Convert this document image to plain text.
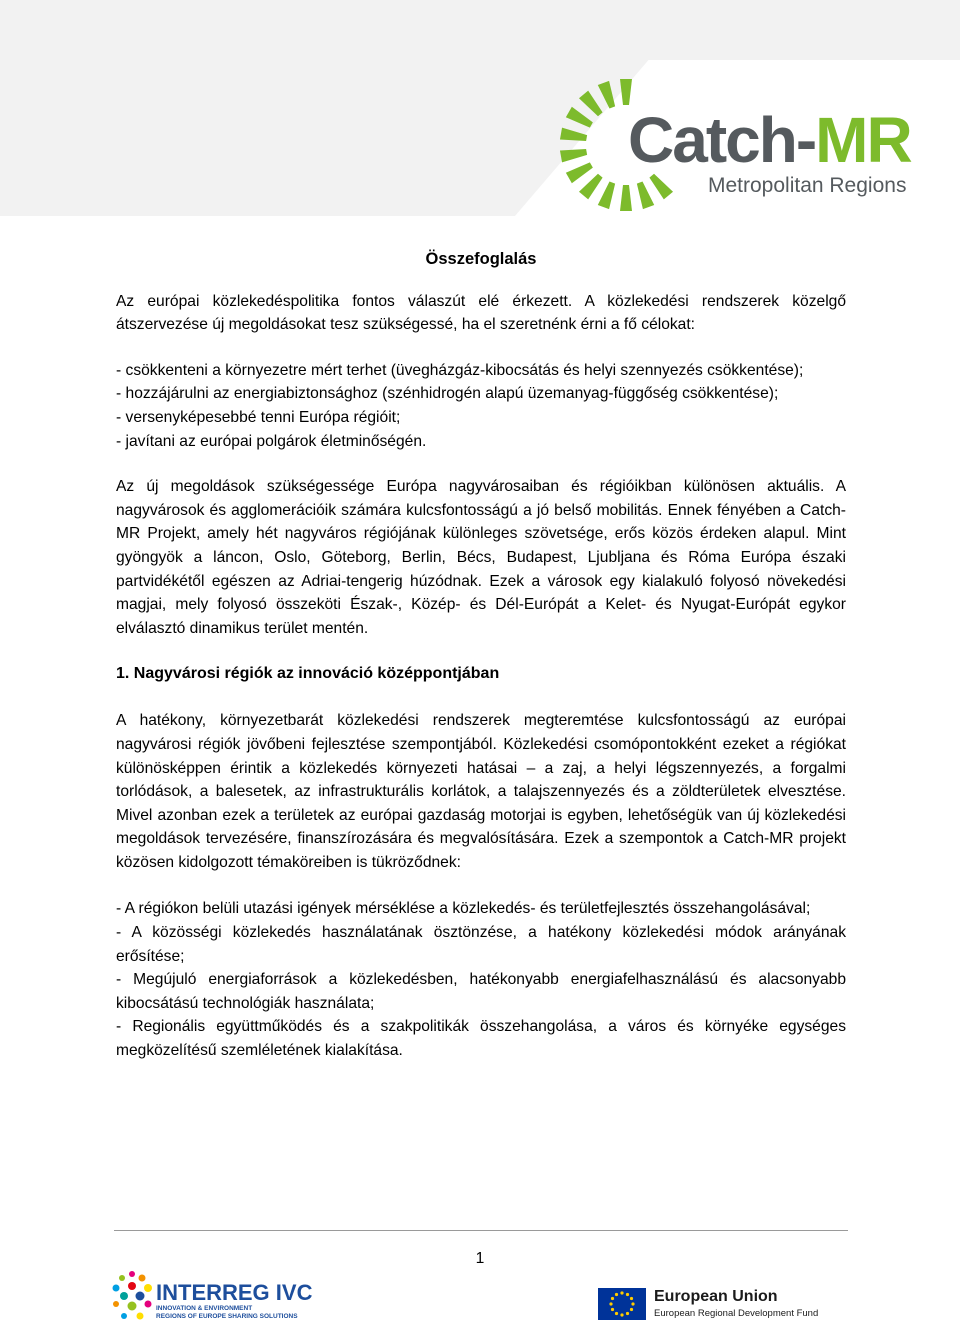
Catch-MR
Metropolitan Regions
Összefoglalás

Az európai közlekedéspolitika fontos válaszút elé érkezett. A közlekedési rendszerek közelgő átszervezése új megoldásokat tesz szükségessé, ha el szeretnénk érni a fő célokat:

- csökkenteni a környezetre mért terhet (üvegházgáz-kibocsátás és helyi szennyezés csökkentése);

- hozzájárulni az energiabiztonsághoz (szénhidrogén alapú üzemanyag-függőség csökkentése);

- versenyképesebbé tenni Európa régióit;

- javítani az európai polgárok életminőségén.

Az új megoldások szükségessége Európa nagyvárosaiban és régióikban különösen aktuális. A nagyvárosok és agglomerációik számára kulcsfontosságú a jó belső mobilitás. Ennek fényében a Catch-MR Projekt, amely hét nagyváros régiójának különleges szövetsége, erős közös érdeken alapul. Mint gyöngyök a láncon, Oslo, Göteborg, Berlin, Bécs, Budapest, Ljubljana és Róma Európa északi partvidékétől egészen az Adriai-tengerig húzódnak. Ezek a városok egy kialakuló folyosó növekedési magjai, mely folyosó összeköti Észak-, Közép- és Dél-Európát a Kelet- és Nyugat-Európát egykor elválasztó dinamikus terület mentén.

1. Nagyvárosi régiók az innováció középpontjában

A hatékony, környezetbarát közlekedési rendszerek megteremtése kulcsfontosságú az európai nagyvárosi régiók jövőbeni fejlesztése szempontjából. Közlekedési csomópontokként ezeket a régiókat különösképpen érintik a közlekedés környezeti hatásai – a zaj, a helyi légszennyezés, a forgalmi torlódások, a balesetek, az infrastrukturális korlátok, a talajszennyezés és a zöldterületek elvesztése. Mivel azonban ezek a területek az európai gazdaság motorjai is egyben, lehetőségük van új közlekedési megoldások tervezésére, finanszírozására és megvalósítására. Ezek a szempontok a Catch-MR projekt közösen kidolgozott témaköreiben is tükröződnek:

- A régiókon belüli utazási igények mérséklése a közlekedés- és területfejlesztés összehangolásával;

- A közösségi közlekedés használatának ösztönzése, a hatékony közlekedési módok arányának erősítése;

- Megújuló energiaforrások a közlekedésben, hatékonyabb energiafelhasználású és alacsonyabb kibocsátású technológiák használata;

- Regionális együttműködés és a szakpolitikák összehangolása, a város és környéke egységes megközelítésű szemléletének kialakítása.

1
INTERREG IVC
INNOVATION & ENVIRONMENT
REGIONS OF EUROPE SHARING SOLUTIONS
European Union
European Regional Development Fund
